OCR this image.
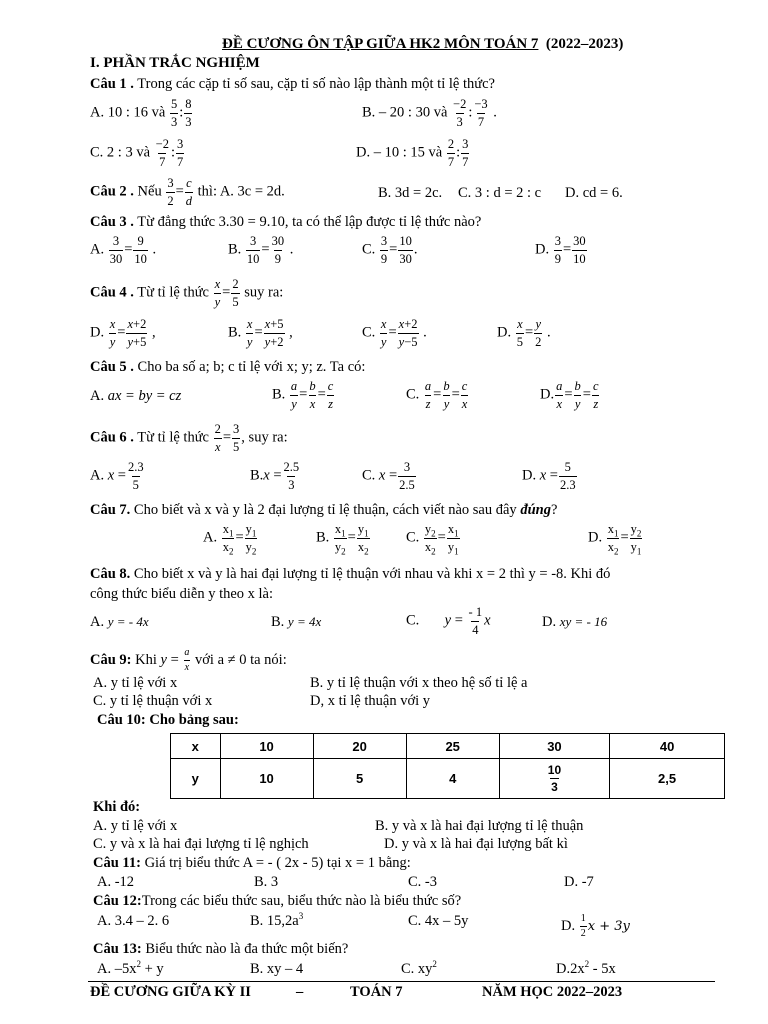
ĐỀ CƯƠNG ÔN TẬP GIỮA HK2 MÔN TOÁN 7 (2022–2023)
I. PHẦN TRẮC NGHIỆM
Câu 1 . Trong các cặp tỉ số sau, cặp tỉ số nào lập thành một tỉ lệ thức?
A. 10 : 16 và $\frac{5}{3}$ : $\frac{8}{3}$	B. – 20 : 30 và $\frac{-2}{3}$ : $\frac{-3}{7}$ .
C. 2 : 3 và $\frac{-2}{7}$ : $\frac{3}{7}$	D. – 10 : 15 và $\frac{2}{7}$ : $\frac{3}{7}$
Câu 2 . Nếu $\frac{3}{2} = \frac{c}{d}$ thì: A. 3c = 2d.	B. 3d = 2c. C. 3 : d = 2 : c D. cd = 6.
Câu 3 . Từ đẳng thức 3.30 = 9.10, ta có thể lập được tỉ lệ thức nào?
A. $\frac{3}{30} = \frac{9}{10}$ .	B. $\frac{3}{10} = \frac{30}{9}$ .	C. $\frac{3}{9} = \frac{10}{30}$ .	D. $\frac{3}{9} = \frac{30}{10}$
Câu 4 . Từ tỉ lệ thức $\frac{x}{y} = \frac{2}{5}$ suy ra:
D. $\frac{x}{y} = \frac{x+2}{y+5}$ ,	B. $\frac{x}{y} = \frac{x+5}{y+2}$ ,	C. $\frac{x}{y} = \frac{x+2}{y-5}$ .	D. $\frac{x}{5} = \frac{y}{2}$ .
Câu 5 . Cho ba số a; b; c tỉ lệ với x; y; z. Ta có:
A. ax = by = cz	B. $\frac{a}{y} = \frac{b}{x} = \frac{c}{z}$	C. $\frac{a}{z} = \frac{b}{y} = \frac{c}{x}$	D. $\frac{a}{x} = \frac{b}{y} = \frac{c}{z}$
Câu 6 . Từ tỉ lệ thức $\frac{2}{x} = \frac{3}{5}$ , suy ra:
A. $x = \frac{2.3}{5}$	$B.x = \frac{2.5}{3}$	C. $x = \frac{3}{2.5}$	D. $x = \frac{5}{2.3}$
Câu 7. Cho biết và x và y là 2 đại lượng tỉ lệ thuận, cách viết nào sau đây đúng?
A. $\frac{x_1}{x_2} = \frac{y_1}{y_2}$	B. $\frac{x_1}{y_2} = \frac{y_1}{x_2}$	C. $\frac{y_2}{x_2} = \frac{x_1}{y_1}$	D. $\frac{x_1}{x_2} = \frac{y_2}{y_1}$
Câu 8. Cho biết x và y là hai đại lượng tỉ lệ thuận với nhau và khi x = 2 thì y = -8. Khi đó
công thức biểu diễn y theo x là:
A. y = - 4x	B. y = 4x	C. $y = \frac{- 1}{4}$ x	D. xy = - 16
Câu 9: Khi $y = \frac{a}{x}$ với a ≠ 0 ta nói:
A. y tỉ lệ với x	B. y tỉ lệ thuận với x theo hệ số tỉ lệ a
C. y tỉ lệ thuận với x	D, x tỉ lệ thuận với y
Câu 10: Cho bảng sau:
x	10	20	25	30	40
y	10	5	4	$\frac{10}{3}$	2,5
Khi đó:
A. y tỉ lệ với x	B. y và x là hai đại lượng tỉ lệ thuận
C. y và x là hai đại lượng tỉ lệ nghịch	D. y và x là hai đại lượng bất kì
Câu 11: Giá trị biểu thức A = - ( 2x - 5) tại x = 1 bằng:
A. -12	B. 3	C. -3	D. -7
Câu 12:Trong các biểu thức sau, biểu thức nào là biểu thức số?
A. 3.4 – 2. 6	B. $15,2a^3$	C. 4x – 5y	D. $\frac{1}{2}$ x + 3y
Câu 13: Biểu thức nào là đa thức một biến?
A. $-5x^2 + y$	B. xy – 4	C. $xy^2$	$D.2x^2 - 5x$
ĐỀ CƯƠNG GIỮA KỲ II	–	TOÁN 7	NĂM HỌC 2022–2023
